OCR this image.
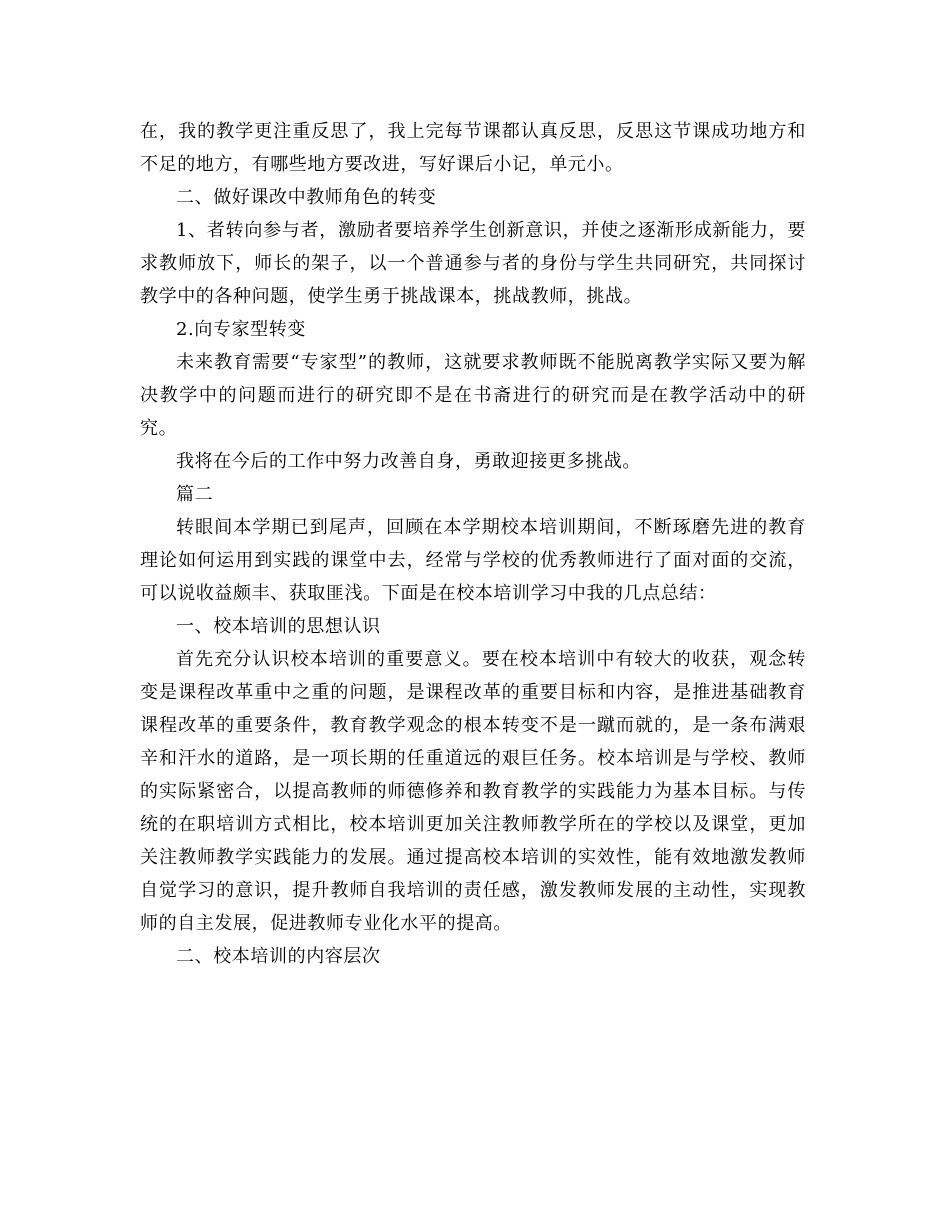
在，我的教学更注重反思了，我上完每节课都认真反思，反思这节课成功地方和不足的地方，有哪些地方要改进，写好课后小记，单元小。

二、做好课改中教师角色的转变

1、者转向参与者，激励者要培养学生创新意识，并使之逐渐形成新能力，要求教师放下，师长的架子，以一个普通参与者的身份与学生共同研究，共同探讨教学中的各种问题，使学生勇于挑战课本，挑战教师，挑战。

2.向专家型转变

未来教育需要“专家型”的教师，这就要求教师既不能脱离教学实际又要为解决教学中的问题而进行的研究即不是在书斋进行的研究而是在教学活动中的研究。

我将在今后的工作中努力改善自身，勇敢迎接更多挑战。

篇二

转眼间本学期已到尾声，回顾在本学期校本培训期间，不断琢磨先进的教育理论如何运用到实践的课堂中去，经常与学校的优秀教师进行了面对面的交流，可以说收益颇丰、获取匪浅。下面是在校本培训学习中我的几点总结：

一、校本培训的思想认识

首先充分认识校本培训的重要意义。要在校本培训中有较大的收获，观念转变是课程改革重中之重的问题，是课程改革的重要目标和内容，是推进基础教育课程改革的重要条件，教育教学观念的根本转变不是一蹴而就的，是一条布满艰辛和汗水的道路，是一项长期的任重道远的艰巨任务。校本培训是与学校、教师的实际紧密合，以提高教师的师德修养和教育教学的实践能力为基本目标。与传统的在职培训方式相比，校本培训更加关注教师教学所在的学校以及课堂，更加关注教师教学实践能力的发展。通过提高校本培训的实效性，能有效地激发教师自觉学习的意识，提升教师自我培训的责任感，激发教师发展的主动性，实现教师的自主发展，促进教师专业化水平的提高。

二、校本培训的内容层次
